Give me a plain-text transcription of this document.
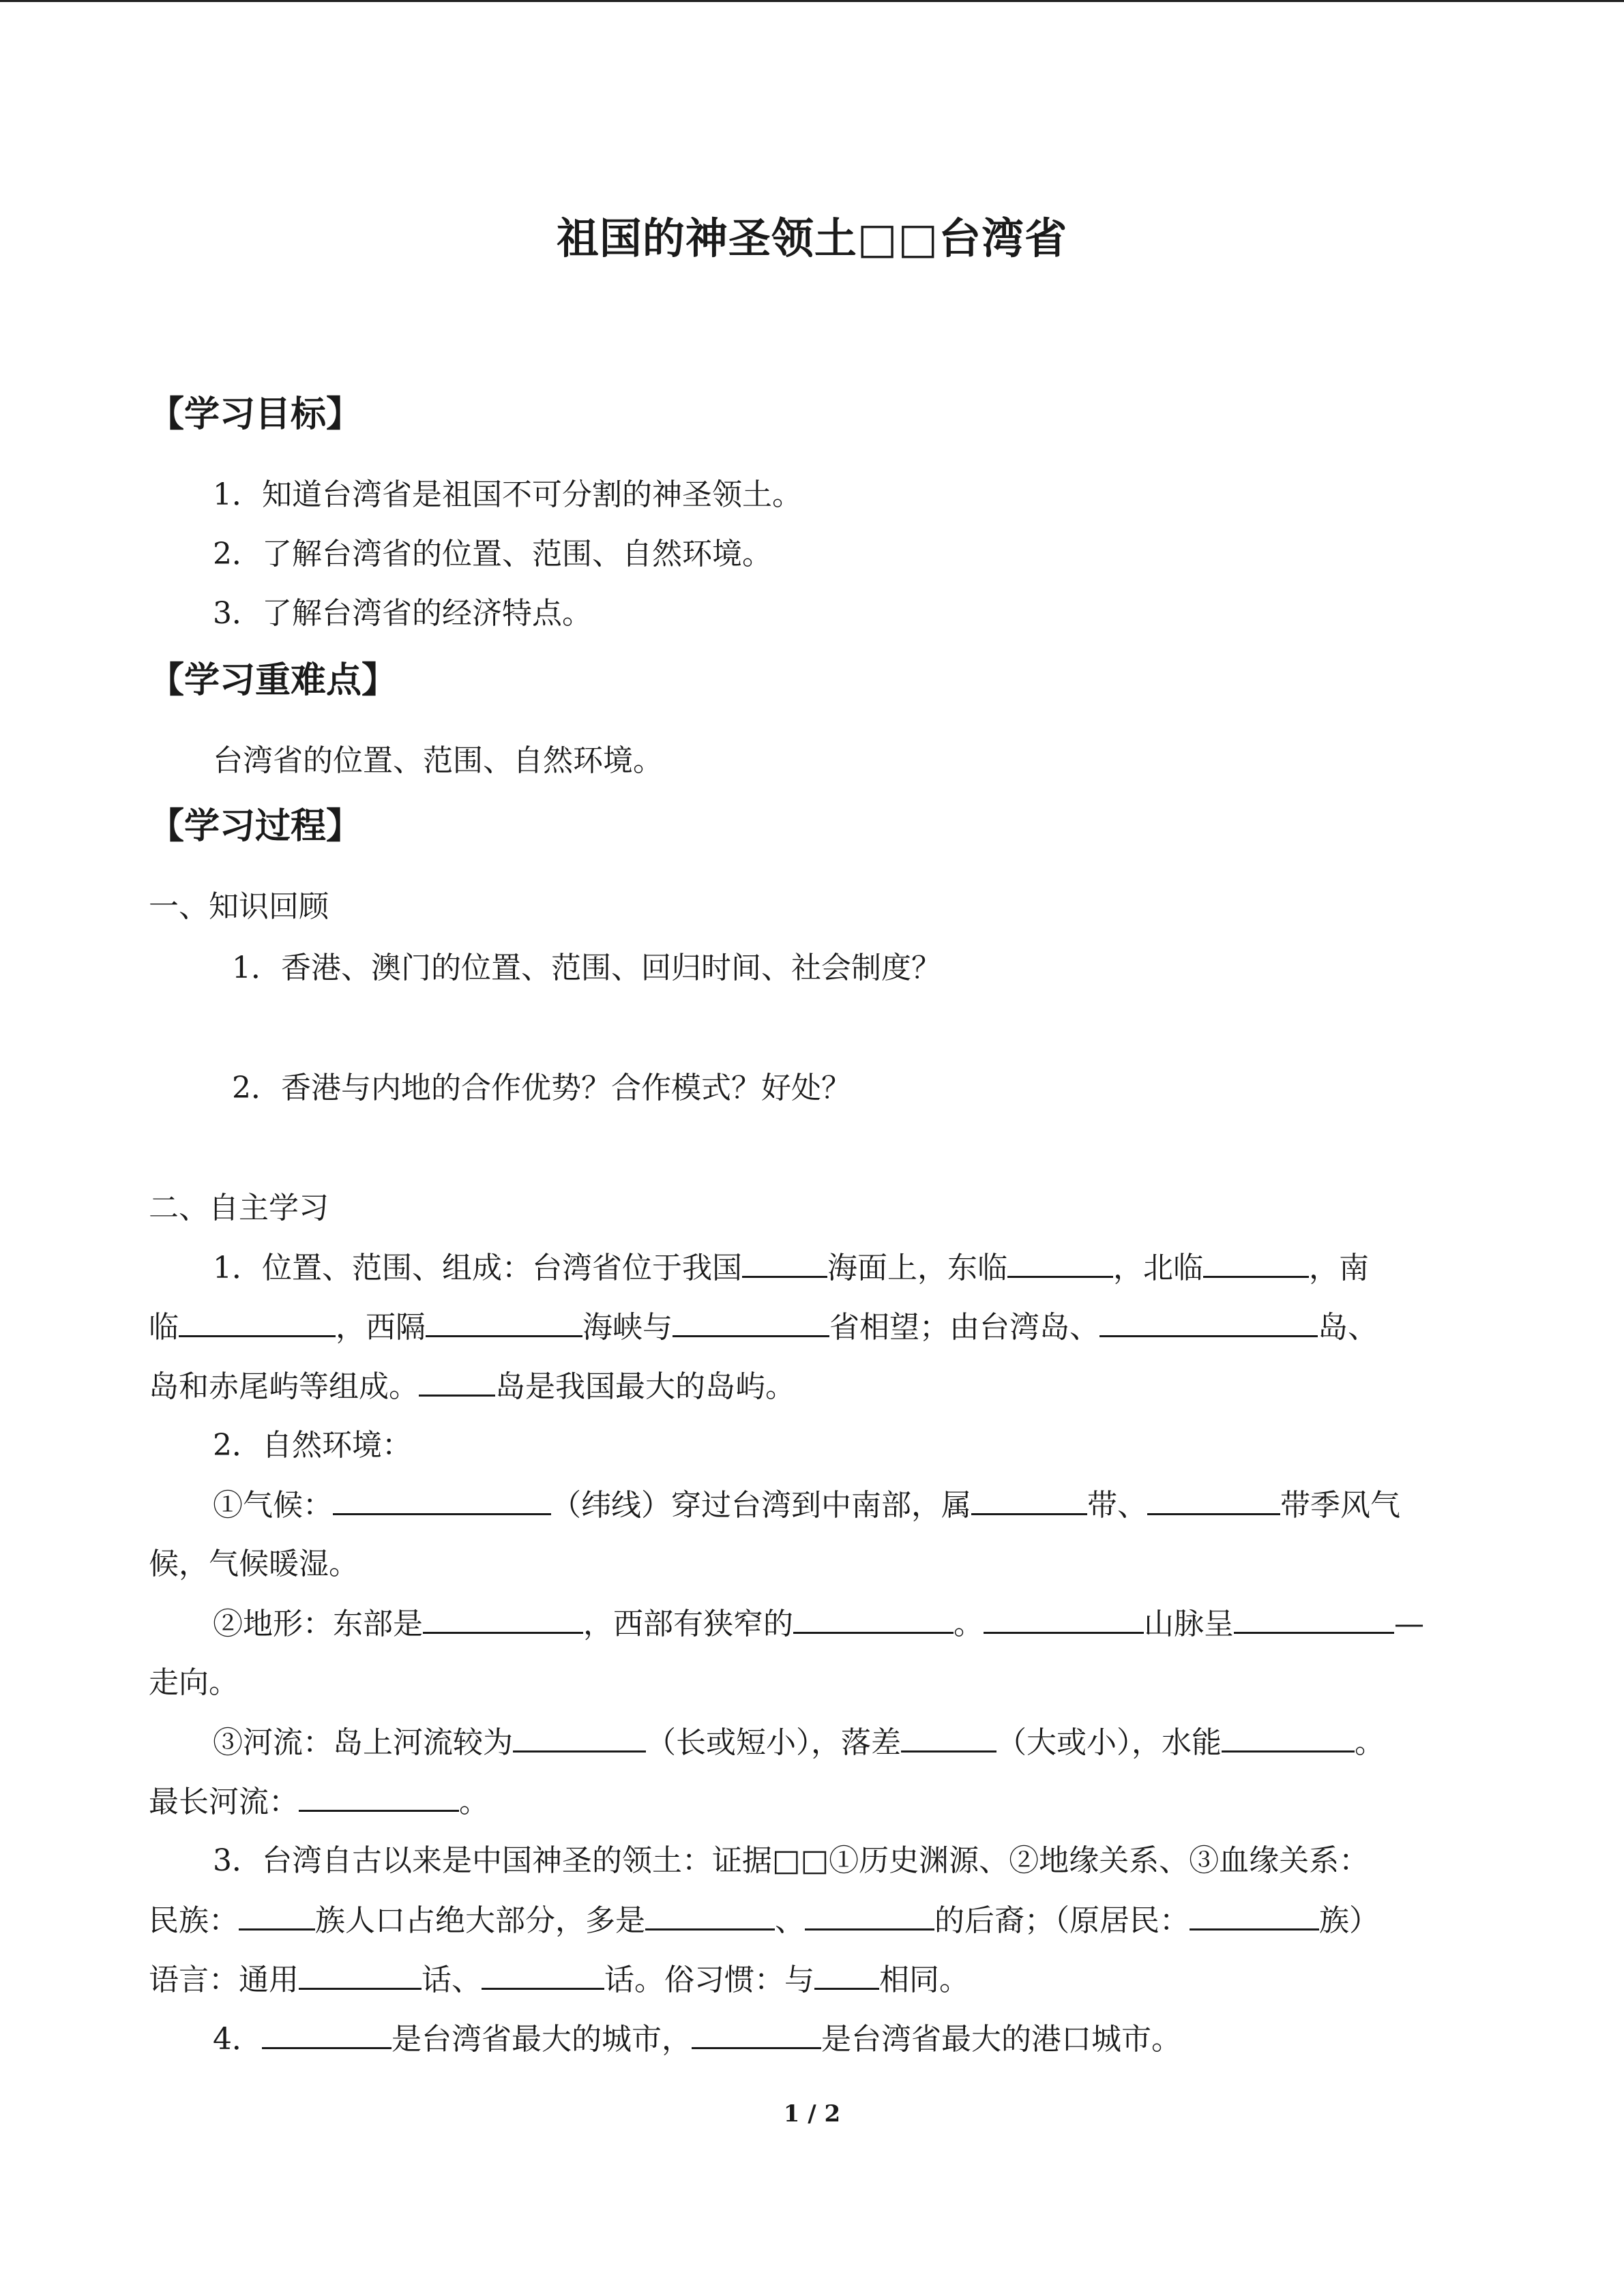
祖国的神圣领土□□台湾省
【学习目标】
1．知道台湾省是祖国不可分割的神圣领土。
2．了解台湾省的位置、范围、自然环境。
3．了解台湾省的经济特点。
【学习重难点】
台湾省的位置、范围、自然环境。
【学习过程】
一、知识回顾
1．香港、澳门的位置、范围、回归时间、社会制度？
2．香港与内地的合作优势？合作模式？好处？
二、自主学习
1．位置、范围、组成：台湾省位于我国	海面上，东临	，北临	，南
临	，西隔	海峡与	省相望；由台湾岛、	岛、
岛和赤尾屿等组成。	岛是我国最大的岛屿。
2．自然环境：
①气候：	（纬线）穿过台湾到中南部，属	带、	带季风气
候，气候暖湿。
②地形：东部是	，西部有狭窄的	。	山脉呈	—
走向。
③河流：岛上河流较为	（长或短小），落差	（大或小），水能	。
最长河流：	。
3．台湾自古以来是中国神圣的领土：证据□□①历史渊源、②地缘关系、③血缘关系：
民族：	族人口占绝大部分，多是	、	的后裔；（原居民：	族）
语言：通用	话、	话。俗习惯：与 相同。
4．	是台湾省最大的城市，	是台湾省最大的港口城市。
1 / 2
